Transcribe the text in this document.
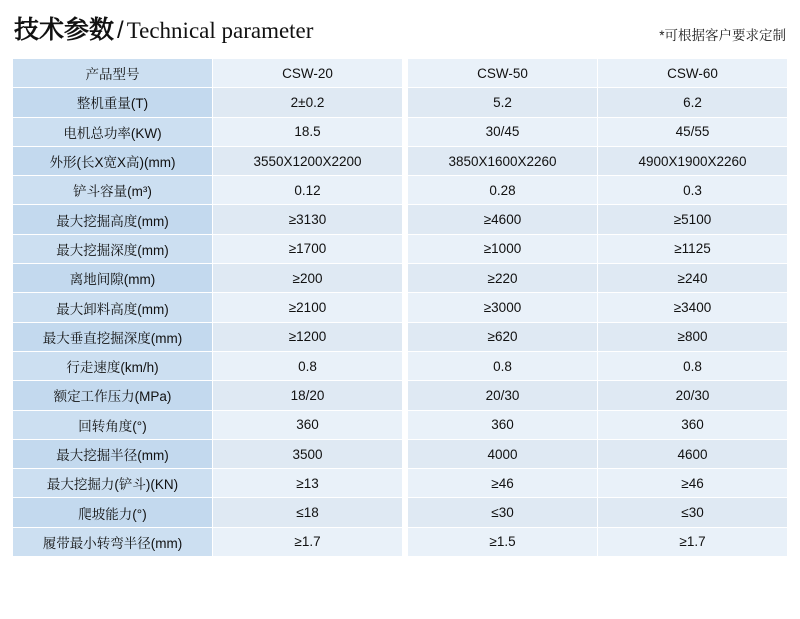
技术参数 / Technical parameter	*可根据客户要求定制
产品型号	CSW-20		CSW-50	CSW-60
整机重量(T)	2±0.2		5.2	6.2
电机总功率(KW)	18.5		30/45	45/55
外形(长X宽X高)(mm)	3550X1200X2200		3850X1600X2260	4900X1900X2260
铲斗容量(m³)	0.12		0.28	0.3
最大挖掘高度(mm)	≥3130		≥4600	≥5100
最大挖掘深度(mm)	≥1700		≥1000	≥1125
离地间隙(mm)	≥200		≥220	≥240
最大卸料高度(mm)	≥2100		≥3000	≥3400
最大垂直挖掘深度(mm)	≥1200		≥620	≥800
行走速度(km/h)	0.8		0.8	0.8
额定工作压力(MPa)	18/20		20/30	20/30
回转角度(°)	360		360	360
最大挖掘半径(mm)	3500		4000	4600
最大挖掘力(铲斗)(KN)	≥13		≥46	≥46
爬坡能力(°)	≤18		≤30	≤30
履带最小转弯半径(mm)	≥1.7		≥1.5	≥1.7
